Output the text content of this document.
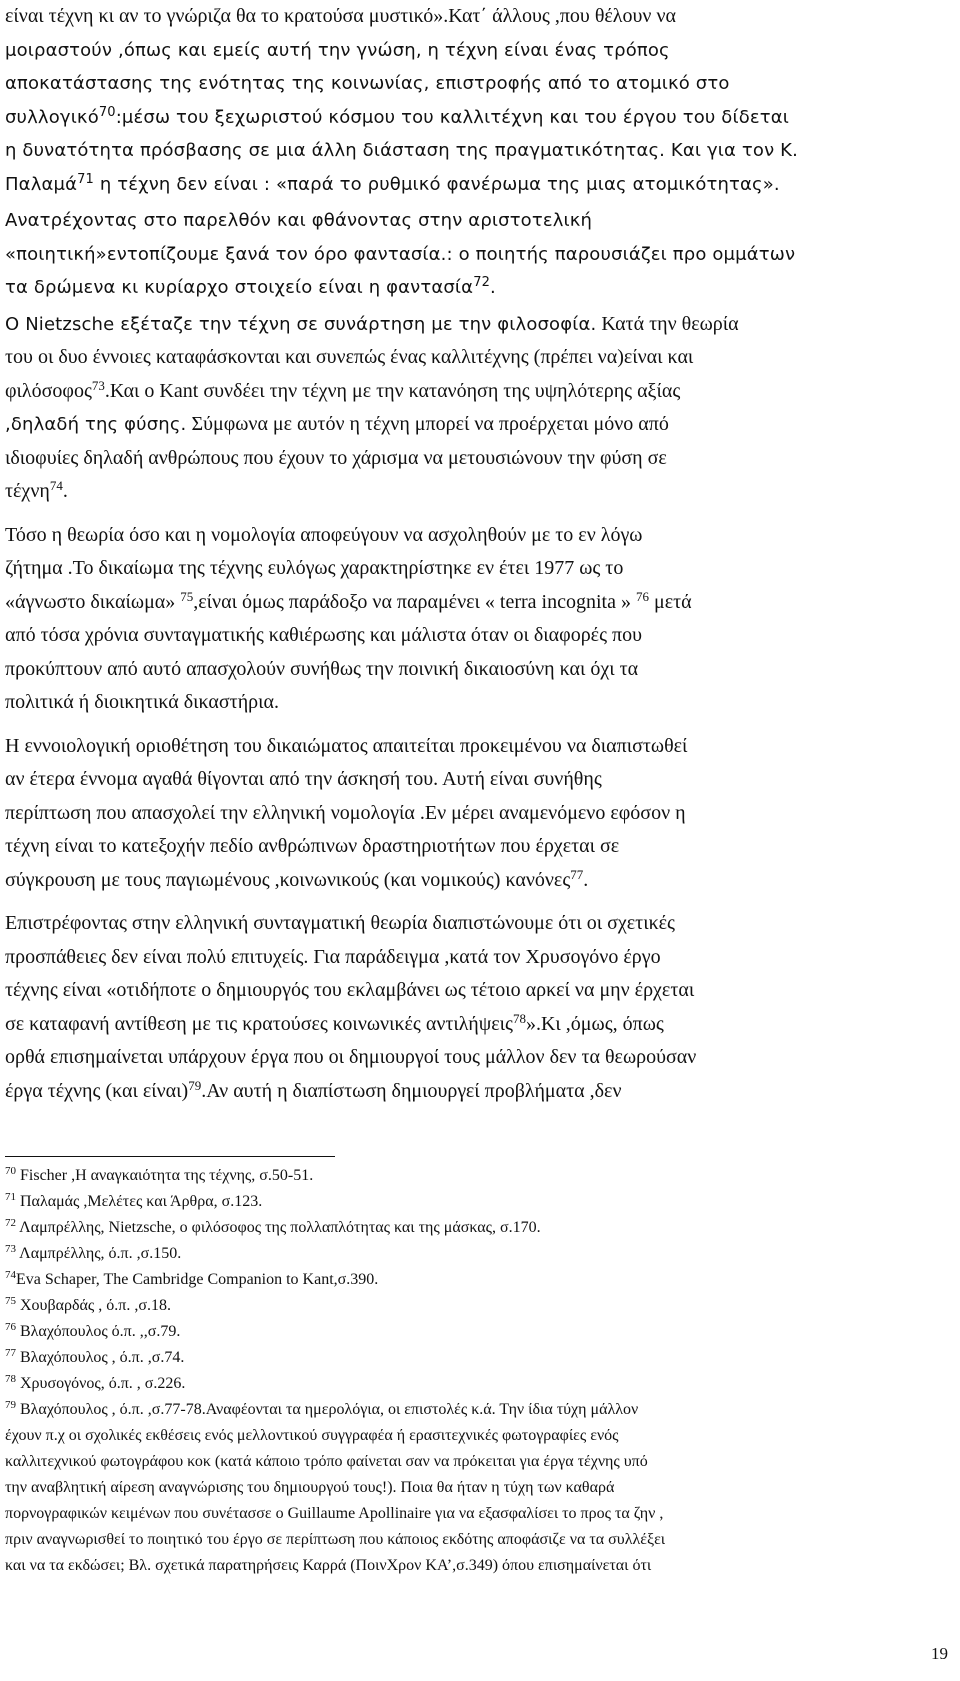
είναι τέχνη κι αν το γνώριζα θα το κρατούσα μυστικό».Κατ΄ άλλους ,που θέλουν να
μοιραστούν ,όπως και εμείς αυτή την γνώση, η τέχνη είναι ένας τρόπος
αποκατάστασης της ενότητας της κοινωνίας, επιστροφής από το ατομικό στο
συλλογικό$^{70}$:μέσω του ξεχωριστού κόσμου του καλλιτέχνη και του έργου του δίδεται
η δυνατότητα πρόσβασης σε μια άλλη διάσταση της πραγματικότητας. Και για τον Κ.
Παλαμά$^{71}$ η τέχνη δεν είναι : «παρά το ρυθμικό φανέρωμα της μιας ατομικότητας».
Ανατρέχοντας στο παρελθόν και φθάνοντας στην αριστοτελική
«ποιητική»εντοπίζουμε ξανά τον όρο φαντασία.: ο ποιητής παρουσιάζει προ ομμάτων
τα δρώμενα κι κυρίαρχο στοιχείο είναι η φαντασία$^{72}$.
Ο Nietzsche εξέταζε την τέχνη σε συνάρτηση με την φιλοσοφία. Κατά την θεωρία
του οι δυο έννοιες καταφάσκονται και συνεπώς ένας καλλιτέχνης (πρέπει να)είναι και
φιλόσοφος$^{73}$.Και ο Kant συνδέει την τέχνη με την κατανόηση της υψηλότερης αξίας
,δηλαδή της φύσης. Σύμφωνα με αυτόν η τέχνη μπορεί να προέρχεται μόνο από
ιδιοφυίες δηλαδή ανθρώπους που έχουν το χάρισμα να μετουσιώνουν την φύση σε
τέχνη$^{74}$.
Τόσο η θεωρία όσο και η νομολογία αποφεύγουν να ασχοληθούν με το εν λόγω
ζήτημα .Το δικαίωμα της τέχνης ευλόγως χαρακτηρίστηκε εν έτει 1977 ως το
«άγνωστο δικαίωμα» $^{75}$,είναι όμως παράδοξο να παραμένει « terra incognita » $^{76}$ μετά
από τόσα χρόνια συνταγματικής καθιέρωσης και μάλιστα όταν οι διαφορές που
προκύπτουν από αυτό απασχολούν συνήθως την ποινική δικαιοσύνη και όχι τα
πολιτικά ή διοικητικά δικαστήρια.
Η εννοιολογική οριοθέτηση του δικαιώματος απαιτείται προκειμένου να διαπιστωθεί
αν έτερα έννομα αγαθά θίγονται από την άσκησή του. Αυτή είναι συνήθης
περίπτωση που απασχολεί την ελληνική νομολογία .Εν μέρει αναμενόμενο εφόσον η
τέχνη είναι το κατεξοχήν πεδίο ανθρώπινων δραστηριοτήτων που έρχεται σε
σύγκρουση με τους παγιωμένους ,κοινωνικούς (και νομικούς) κανόνες$^{77}$.
Επιστρέφοντας στην ελληνική συνταγματική θεωρία διαπιστώνουμε ότι οι σχετικές
προσπάθειες δεν είναι πολύ επιτυχείς. Για παράδειγμα ,κατά τον Χρυσογόνο έργο
τέχνης είναι «οτιδήποτε ο δημιουργός του εκλαμβάνει ως τέτοιο αρκεί να μην έρχεται
σε καταφανή αντίθεση με τις κρατούσες κοινωνικές αντιλήψεις$^{78}$».Κι ,όμως, όπως
ορθά επισημαίνεται υπάρχουν έργα που οι δημιουργοί τους μάλλον δεν τα θεωρούσαν
έργα τέχνης (και είναι)$^{79}$.Αν αυτή η διαπίστωση δημιουργεί προβλήματα ,δεν
$^{70}$ Fischer ,Η αναγκαιότητα της τέχνης, σ.50-51.
$^{71}$ Παλαμάς ,Μελέτες και Άρθρα, σ.123.
$^{72}$ Λαμπρέλλης, Nietzsche, ο φιλόσοφος της πολλαπλότητας και της μάσκας, σ.170.
$^{73}$ Λαμπρέλλης, ό.π. ,σ.150.
$^{74}$Eva Schaper, The Cambridge Companion to Kant,σ.390.
$^{75}$ Χουβαρδάς , ό.π. ,σ.18.
$^{76}$ Βλαχόπουλος ό.π. ,,σ.79.
$^{77}$ Βλαχόπουλος , ό.π. ,σ.74.
$^{78}$ Χρυσογόνος, ό.π. , σ.226.
$^{79}$ Βλαχόπουλος , ό.π. ,σ.77-78.Αναφέονται τα ημερολόγια, οι επιστολές κ.ά. Την ίδια τύχη μάλλον
έχουν π.χ οι σχολικές εκθέσεις ενός μελλοντικού συγγραφέα ή ερασιτεχνικές φωτογραφίες ενός
καλλιτεχνικού φωτογράφου κοκ (κατά κάποιο τρόπο φαίνεται σαν να πρόκειται για έργα τέχνης υπό
την αναβλητική αίρεση αναγνώρισης του δημιουργού τους!). Ποια θα ήταν η τύχη των καθαρά
πορνογραφικών κειμένων που συνέτασσε ο Guillaume Apollinaire για να εξασφαλίσει το προς τα ζην ,
πριν αναγνωρισθεί το ποιητικό του έργο σε περίπτωση που κάποιος εκδότης αποφάσιζε να τα συλλέξει
και να τα εκδώσει; Βλ. σχετικά παρατηρήσεις Καρρά (ΠοινΧρον ΚΑ’,σ.349) όπου επισημαίνεται ότι
19
